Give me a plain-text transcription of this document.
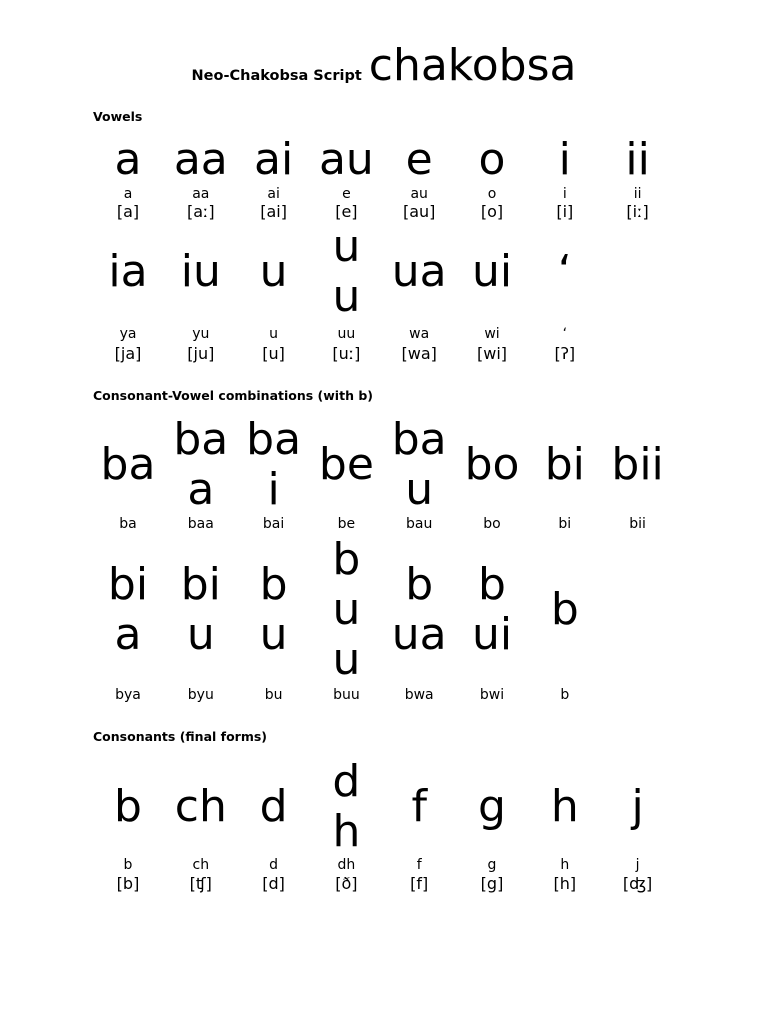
Neo-Chakobsa Script chakobsa
Vowels
Consonant-Vowel combinations (with b)
Consonants (final forms)
a
a
[a]
aa
aa
[aː]
ai
ai
[ai]
au
e
[e]
e
au
[au]
o
o
[o]
i
i
[i]
ii
ii
[iː]
ia
ya
[ja]
iu
yu
[ju]
u
u
[u]
u
u
uu
[uː]
ua
wa
[wa]
ui
wi
[wi]
‘
‘
[ʔ]
ba
ba
ba
a
baa
ba
i
bai
be
be
ba
u
bau
bo
bo
bi
bi
bii
bii
bi
a
bya
bi
u
byu
b
u
bu
b
u
u
buu
b
ua
bwa
b
ui
bwi
b
b
b
b
[b]
ch
ch
[ʧ]
d
d
[d]
d
h
dh
[ð]
f
f
[f]
g
g
[g]
h
h
[h]
j
j
[ʤ]
